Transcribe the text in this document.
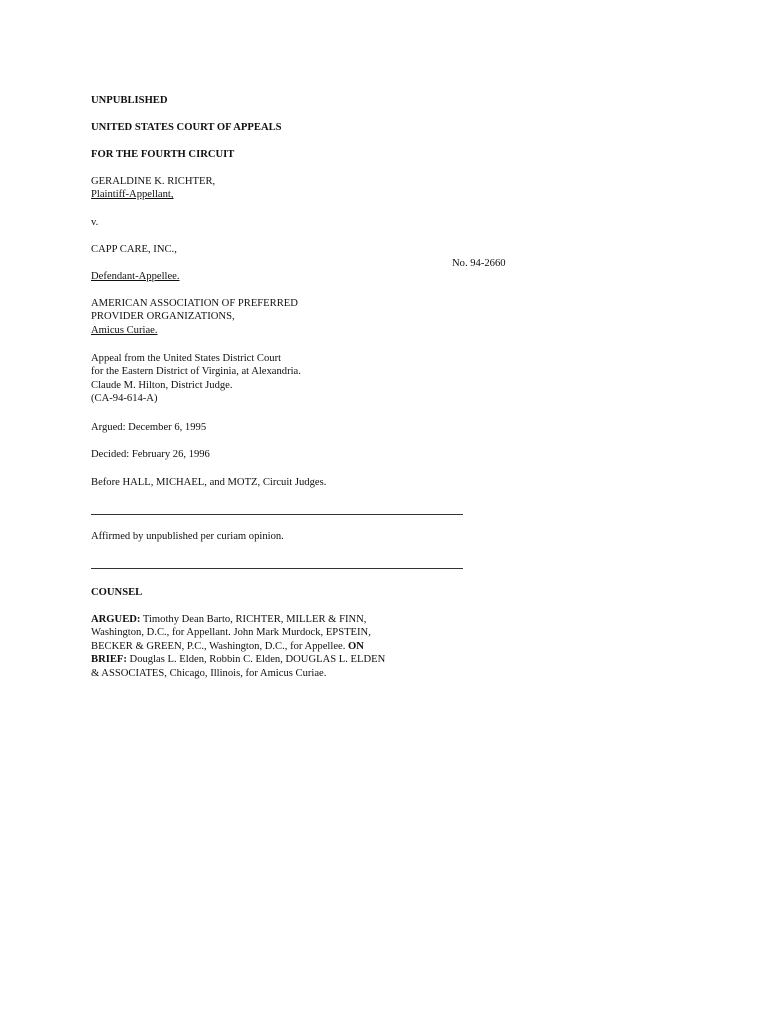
UNPUBLISHED
UNITED STATES COURT OF APPEALS
FOR THE FOURTH CIRCUIT
GERALDINE K. RICHTER,
Plaintiff-Appellant,
v.
CAPP CARE, INC.,
No. 94-2660
Defendant-Appellee.
AMERICAN ASSOCIATION OF PREFERRED
PROVIDER ORGANIZATIONS,
Amicus Curiae.
Appeal from the United States District Court
for the Eastern District of Virginia, at Alexandria.
Claude M. Hilton, District Judge.
(CA-94-614-A)
Argued: December 6, 1995
Decided: February 26, 1996
Before HALL, MICHAEL, and MOTZ, Circuit Judges.
Affirmed by unpublished per curiam opinion.
COUNSEL
ARGUED: Timothy Dean Barto, RICHTER, MILLER & FINN,
Washington, D.C., for Appellant. John Mark Murdock, EPSTEIN,
BECKER & GREEN, P.C., Washington, D.C., for Appellee. ON
BRIEF: Douglas L. Elden, Robbin C. Elden, DOUGLAS L. ELDEN
& ASSOCIATES, Chicago, Illinois, for Amicus Curiae.
